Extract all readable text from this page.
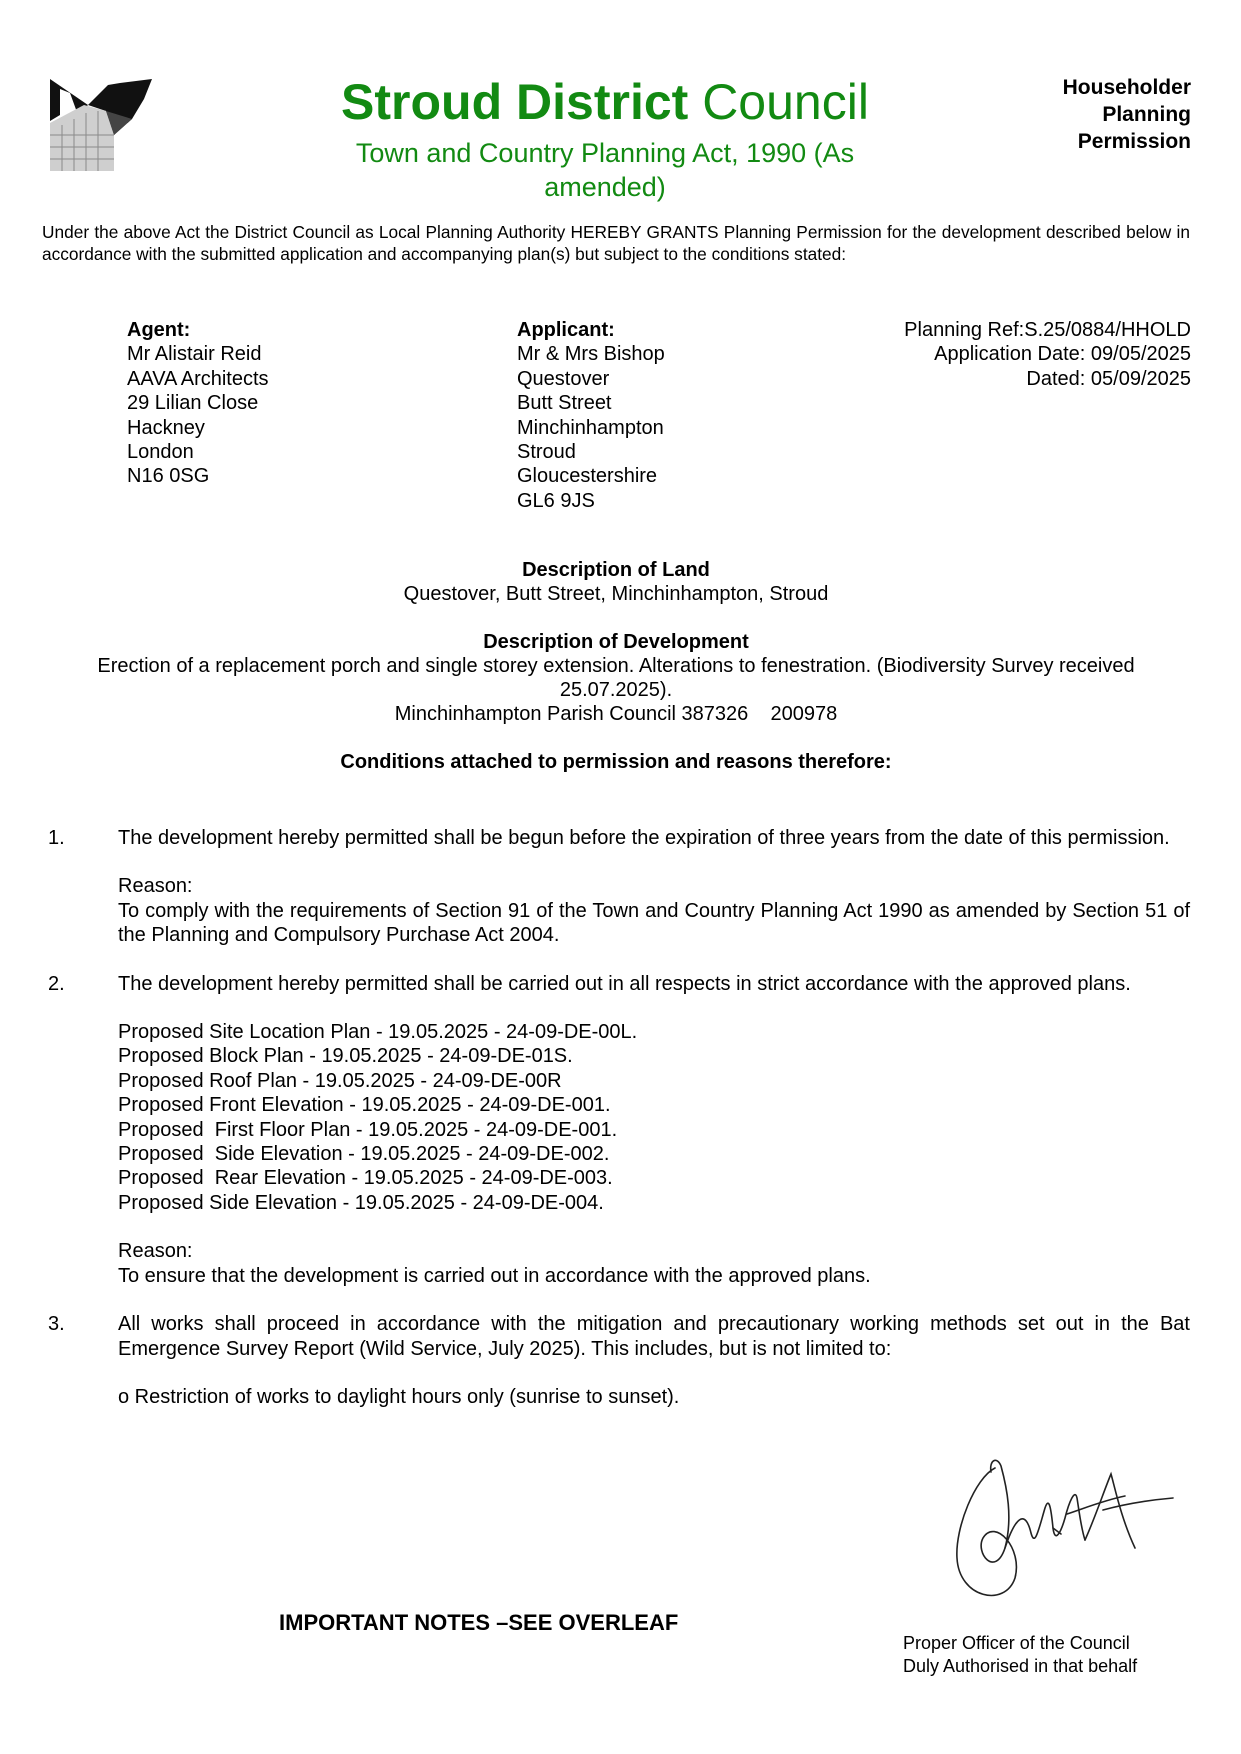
Stroud District Council
Town and Country Planning Act, 1990 (As amended)
Householder
Planning
Permission
Under the above Act the District Council as Local Planning Authority HEREBY GRANTS Planning Permission for the development described below in accordance with the submitted application and accompanying plan(s) but subject to the conditions stated:
Agent:
Mr Alistair Reid
AAVA Architects
29 Lilian Close
Hackney
London
N16 0SG
Applicant:
Mr & Mrs Bishop
Questover
Butt Street
Minchinhampton
Stroud
Gloucestershire
GL6 9JS
Planning Ref:S.25/0884/HHOLD
Application Date: 09/05/2025
Dated: 05/09/2025
Description of Land
Questover, Butt Street, Minchinhampton, Stroud
Description of Development
Erection of a replacement porch and single storey extension. Alterations to fenestration. (Biodiversity Survey received 25.07.2025).
Minchinhampton Parish Council 387326    200978
Conditions attached to permission and reasons therefore:
1.	The development hereby permitted shall be begun before the expiration of three years from the date of this permission.

Reason:
To comply with the requirements of Section 91 of the Town and Country Planning Act 1990 as amended by Section 51 of the Planning and Compulsory Purchase Act 2004.

2.	The development hereby permitted shall be carried out in all respects in strict accordance with the approved plans.

Proposed Site Location Plan - 19.05.2025 - 24-09-DE-00L.
Proposed Block Plan - 19.05.2025 - 24-09-DE-01S.
Proposed Roof Plan - 19.05.2025 - 24-09-DE-00R
Proposed Front Elevation - 19.05.2025 - 24-09-DE-001.
Proposed  First Floor Plan - 19.05.2025 - 24-09-DE-001.
Proposed  Side Elevation - 19.05.2025 - 24-09-DE-002.
Proposed  Rear Elevation - 19.05.2025 - 24-09-DE-003.
Proposed Side Elevation - 19.05.2025 - 24-09-DE-004.

Reason:
To ensure that the development is carried out in accordance with the approved plans.

3.	All works shall proceed in accordance with the mitigation and precautionary working methods set out in the Bat Emergence Survey Report (Wild Service, July 2025). This includes, but is not limited to:

o Restriction of works to daylight hours only (sunrise to sunset).

IMPORTANT NOTES –SEE OVERLEAF
Proper Officer of the Council
Duly Authorised in that behalf
